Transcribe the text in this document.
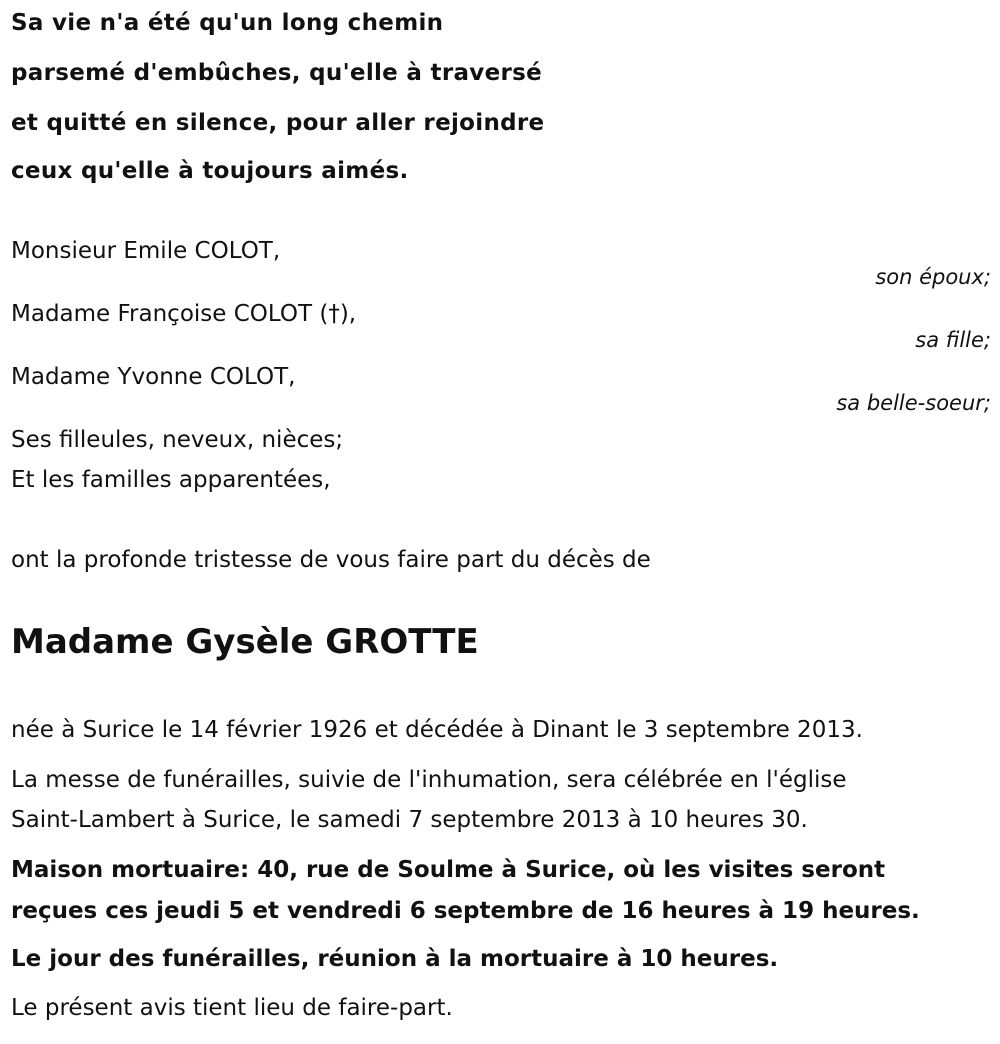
Sa vie n'a été qu'un long chemin
parsemé d'embûches, qu'elle à traversé
et quitté en silence, pour aller rejoindre
ceux qu'elle à toujours aimés.
Monsieur Emile COLOT,
son époux;
Madame Françoise COLOT (†),
sa fille;
Madame Yvonne COLOT,
sa belle-soeur;
Ses filleules, neveux, nièces;
Et les familles apparentées,
ont la profonde tristesse de vous faire part du décès de
Madame Gysèle GROTTE
née à Surice le 14 février 1926 et décédée à Dinant le 3 septembre 2013.
La messe de funérailles, suivie de l'inhumation, sera célébrée en l'église
Saint-Lambert à Surice, le samedi 7 septembre 2013 à 10 heures 30.
Maison mortuaire: 40, rue de Soulme à Surice, où les visites seront
reçues ces jeudi 5 et vendredi 6 septembre de 16 heures à 19 heures.
Le jour des funérailles, réunion à la mortuaire à 10 heures.
Le présent avis tient lieu de faire-part.
